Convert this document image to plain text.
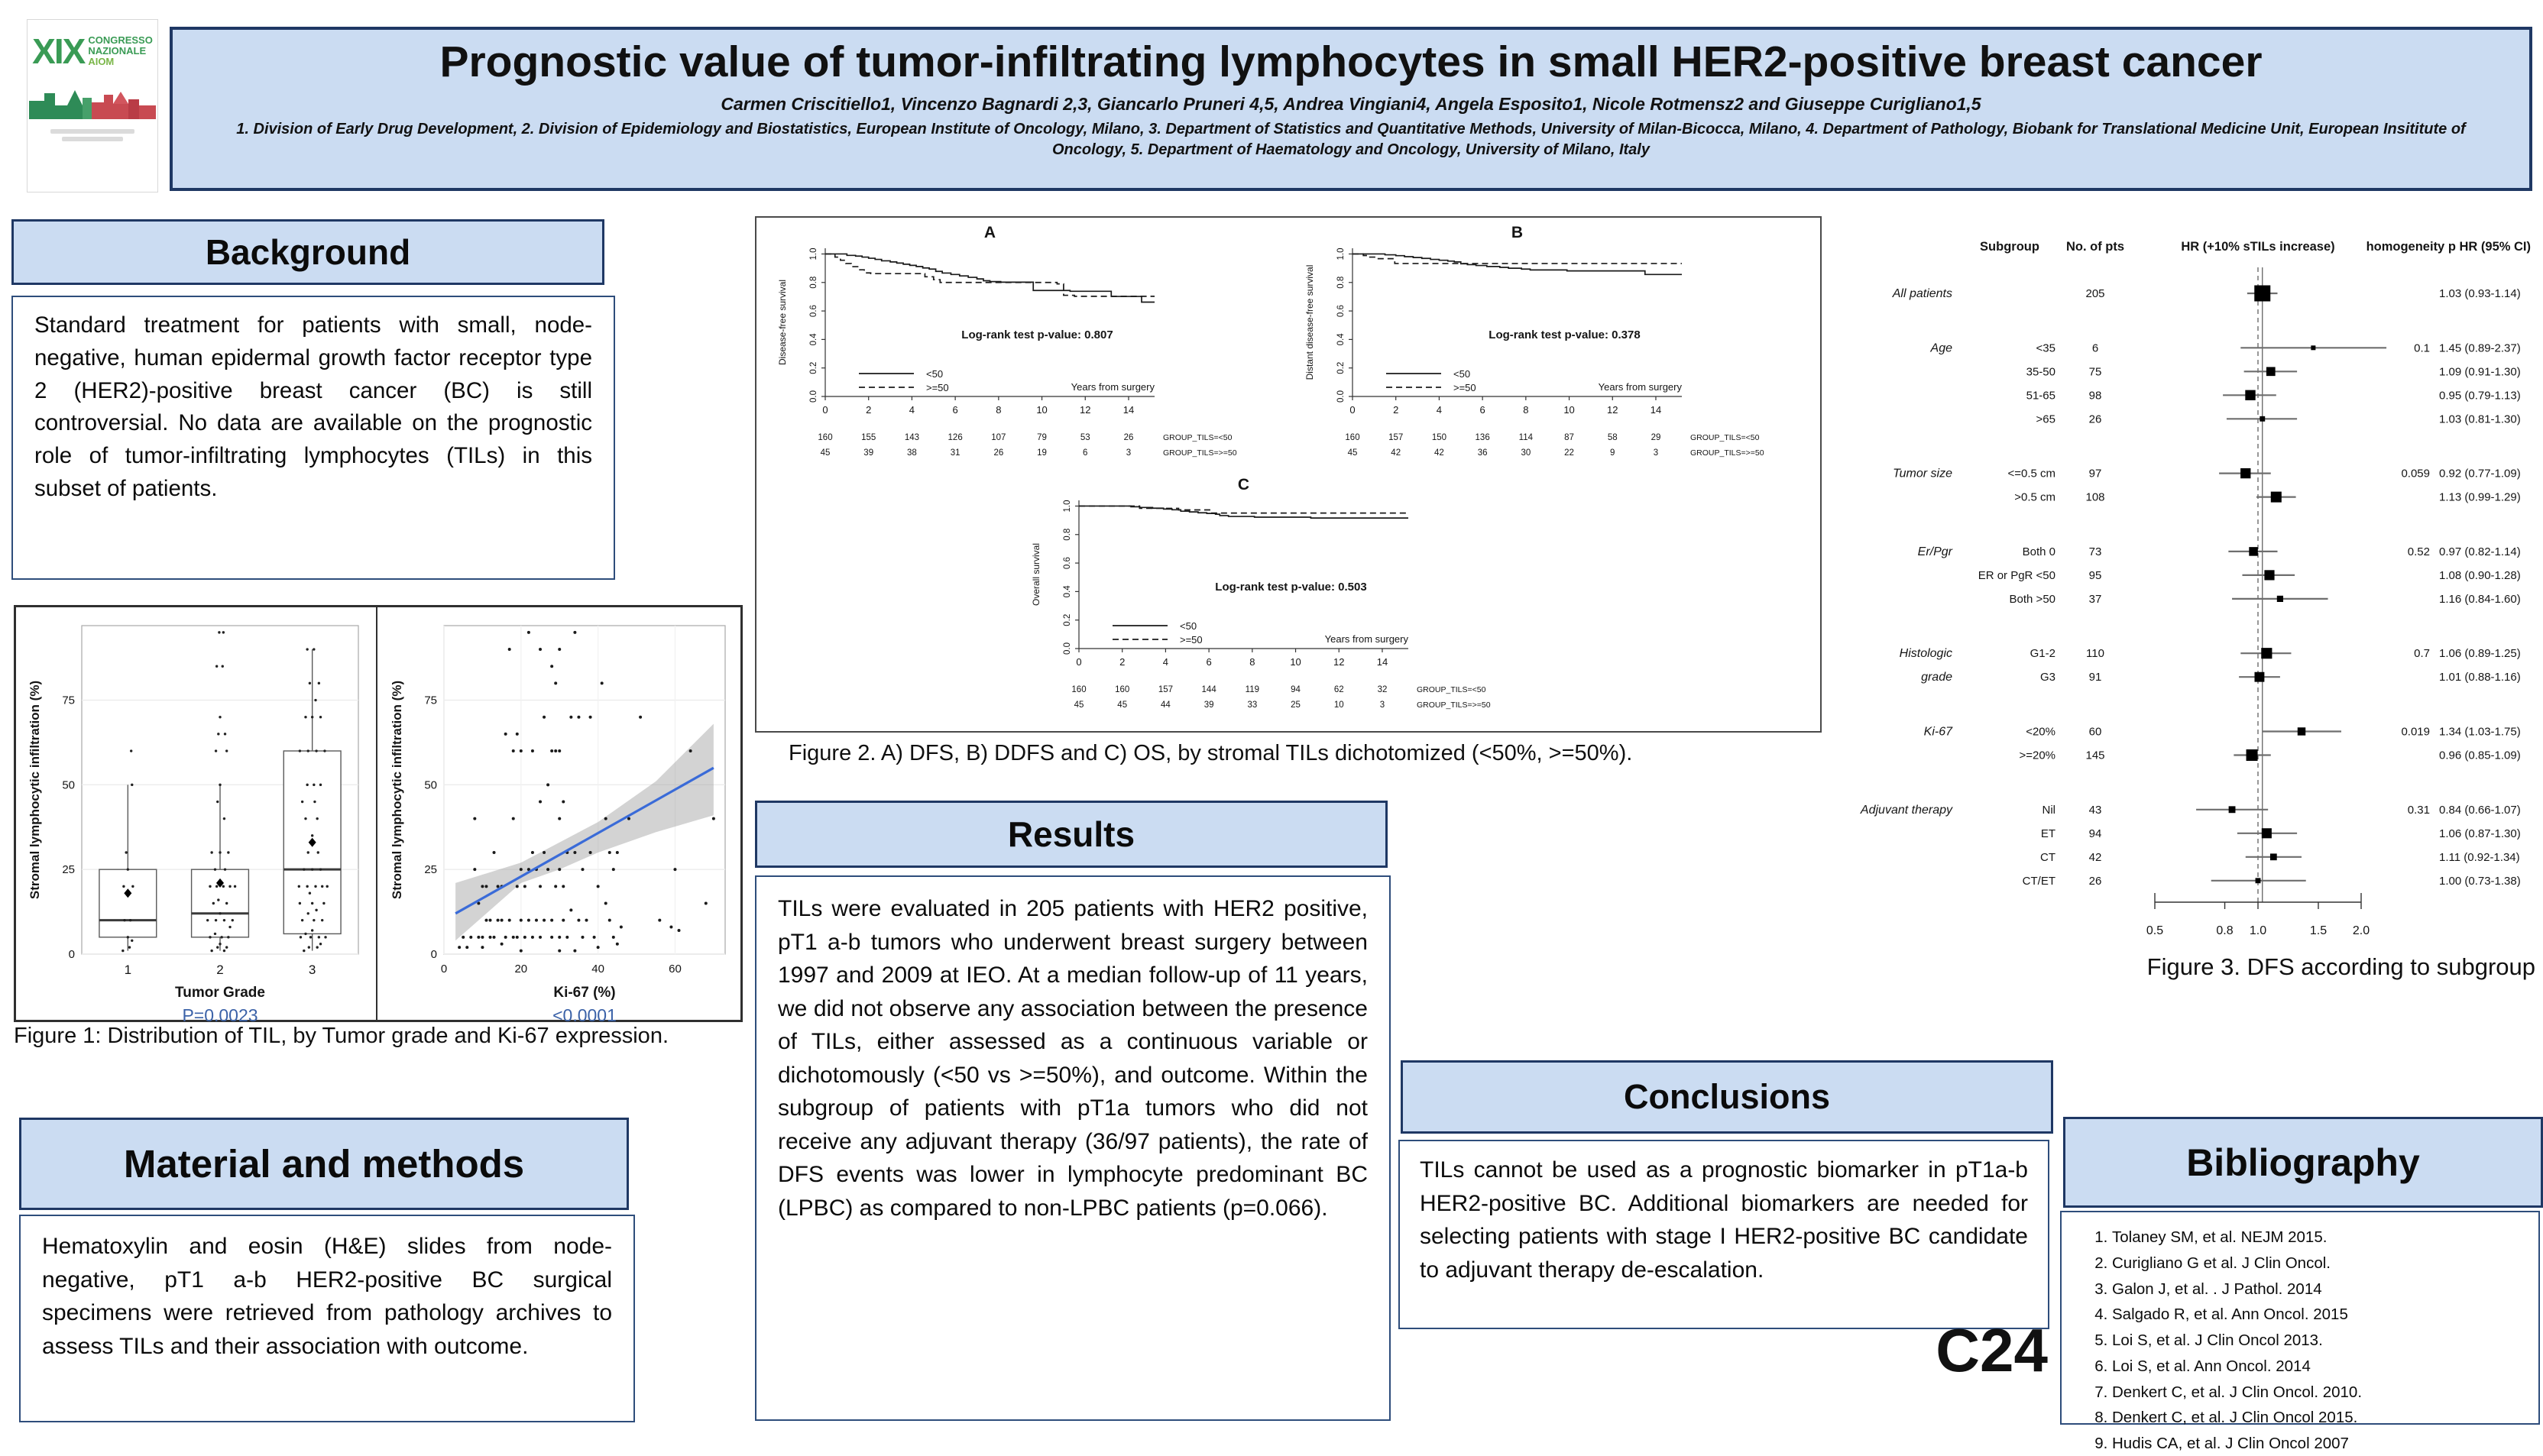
XIX CONGRESSO
NAZIONALE
AIOM	Prognostic value of tumor-infiltrating lymphocytes in small HER2-positive breast cancer
Carmen Criscitiello1, Vincenzo Bagnardi 2,3, Giancarlo Pruneri 4,5, Andrea Vingiani4, Angela Esposito1, Nicole Rotmensz2 and Giuseppe Curigliano1,5
1. Division of Early Drug Development, 2. Division of Epidemiology and Biostatistics, European Institute of Oncology, Milano, 3. Department of Statistics and Quantitative Methods, University of Milan-Bicocca, Milano, 4. Department of Pathology, Biobank for Translational Medicine Unit, European Insititute of Oncology, 5. Department of Haematology and Oncology, University of Milano, Italy
Background
Standard treatment for patients with small, node-negative, human epidermal growth factor receptor type 2 (HER2)-positive breast cancer (BC) is still controversial. No data are available on the prognostic role of tumor-infiltrating lymphocytes (TILs) in this subset of patients.
0
25
50
75
1	2	3
Tumor Grade
P=0.0023
Stromal lymphocytic infiltration (%)
0
25
50
75
0	20	40	60
Ki-67 (%)
<0.0001
Stromal lymphocytic infiltration (%)
Figure 1: Distribution of TIL, by Tumor grade and Ki-67 expression.
Material and methods
Hematoxylin and eosin (H&E) slides from node-negative, pT1 a-b HER2-positive BC surgical specimens were retrieved from pathology archives to assess TILs and their association with outcome.
A
0.0
0.2
0.4
0.6
0.8
1.0
0	2	4	6	8	10	12	14
Disease-free survival
Years from surgery
Log-rank test p-value: 0.807
<50
>=50
160	155	143	126	107	79	53	26	GROUP_TILS=<50
45	39	38	31	26	19	6	3	GROUP_TILS=>=50
B
0.0
0.2
0.4
0.6
0.8
1.0
0	2	4	6	8	10	12	14
Distant disease-free survival
Years from surgery
Log-rank test p-value: 0.378
<50
>=50
160	157	150	136	114	87	58	29	GROUP_TILS=<50
45	42	42	36	30	22	9	3	GROUP_TILS=>=50
C
0.0
0.2
0.4
0.6
0.8
1.0
0	2	4	6	8	10	12	14
Overall survival
Years from surgery
Log-rank test p-value: 0.503
<50
>=50
160	160	157	144	119	94	62	32	GROUP_TILS=<50
45	45	44	39	33	25	10	3	GROUP_TILS=>=50
Figure 2. A) DFS, B) DDFS and C) OS, by stromal TILs dichotomized (<50%, >=50%).
Results
TILs were evaluated in 205 patients with HER2 positive, pT1 a-b tumors who underwent breast surgery between 1997 and 2009 at IEO. At a median follow-up of 11 years, we did not observe any association between the presence of TILs, either assessed as a continuous variable or dichotomously (<50 vs >=50%), and outcome. Within the subgroup of patients with pT1a tumors who did not receive any adjuvant therapy (36/97 patients), the rate of DFS events was lower in lymphocyte predominant BC (LPBC) as compared to non-LPBC patients (p=0.066).
Conclusions
TILs cannot be used as a prognostic biomarker in pT1a-b HER2-positive BC. Additional biomarkers are needed for selecting patients with stage I HER2-positive BC candidate to adjuvant therapy de-escalation.
C24
Subgroup No. of pts	HR (+10% sTILs increase) homogeneity p HR (95% CI)
All patients	205	1.03 (0.93-1.14)
Age	<35	6	0.1 1.45 (0.89-2.37)
35-50	75	1.09 (0.91-1.30)
51-65	98	0.95 (0.79-1.13)
>65	26	1.03 (0.81-1.30)
Tumor size	<=0.5 cm	97	0.059 0.92 (0.77-1.09)
>0.5 cm	108	1.13 (0.99-1.29)
Er/Pgr	Both 0	73	0.52 0.97 (0.82-1.14)
ER or PgR <50	95	1.08 (0.90-1.28)
Both >50	37	1.16 (0.84-1.60)
Histologic	G1-2	110	0.7 1.06 (0.89-1.25)
grade	G3	91	1.01 (0.88-1.16)
Ki-67	<20%	60	0.019 1.34 (1.03-1.75)
>=20%	145	0.96 (0.85-1.09)
Adjuvant therapy	Nil	43	0.31 0.84 (0.66-1.07)
ET	94	1.06 (0.87-1.30)
CT	42	1.11 (0.92-1.34)
CT/ET	26	1.00 (0.73-1.38)
0.5	0.8 1.0	1.5 2.0
Figure 3. DFS according to subgroup
Bibliography
1. Tolaney SM, et al. NEJM 2015.
2. Curigliano G et al. J Clin Oncol.
3. Galon J, et al. . J Pathol. 2014
4. Salgado R, et al. Ann Oncol. 2015
5. Loi S, et al. J Clin Oncol 2013.
6. Loi S, et al. Ann Oncol. 2014
7. Denkert C, et al. J Clin Oncol. 2010.
8. Denkert C, et al. J Clin Oncol 2015.
9. Hudis CA, et al. J Clin Oncol 2007
